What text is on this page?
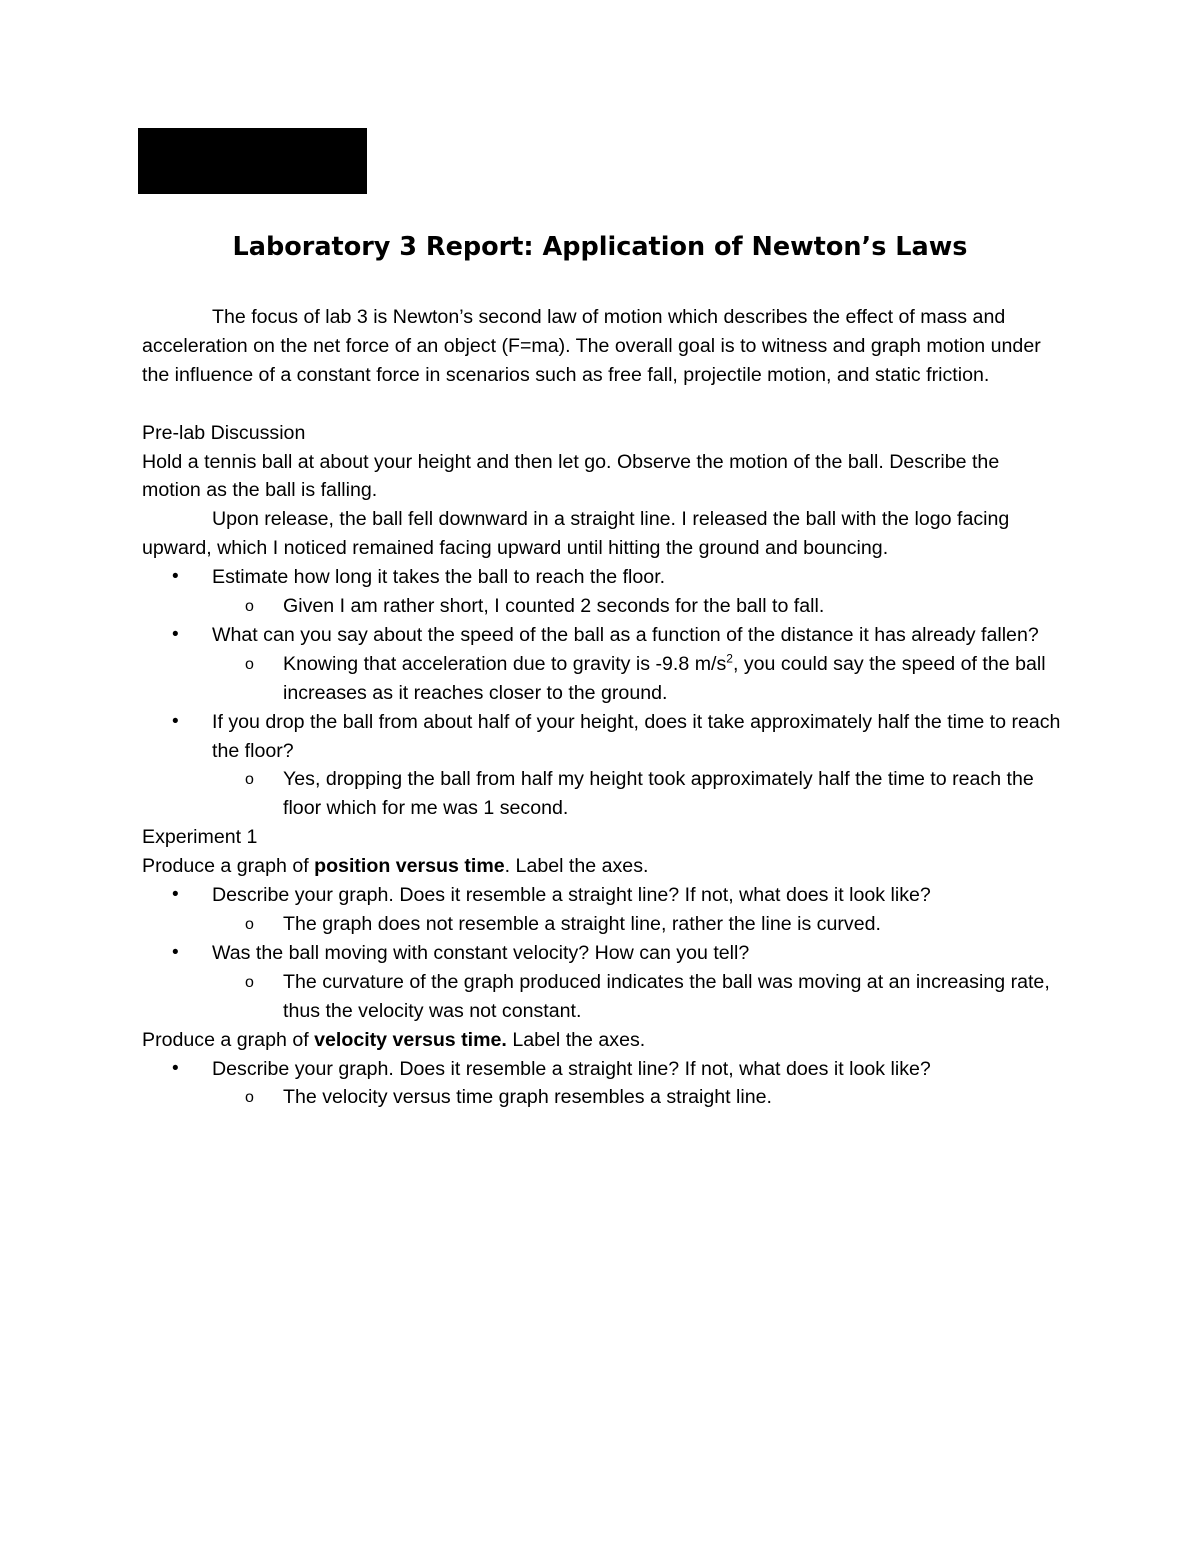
Laboratory 3 Report: Application of Newton’s Laws

The focus of lab 3 is Newton’s second law of motion which describes the effect of mass and acceleration on the net force of an object (F=ma). The overall goal is to witness and graph motion under the influence of a constant force in scenarios such as free fall, projectile motion, and static friction.

Pre-lab Discussion

Hold a tennis ball at about your height and then let go. Observe the motion of the ball. Describe the motion as the ball is falling.

Upon release, the ball fell downward in a straight line. I released the ball with the logo facing upward, which I noticed remained facing upward until hitting the ground and bouncing.

• Estimate how long it takes the ball to reach the floor.
o Given I am rather short, I counted 2 seconds for the ball to fall.
• What can you say about the speed of the ball as a function of the distance it has already fallen?
o Knowing that acceleration due to gravity is -9.8 $m/s^2$, you could say the speed of the ball increases as it reaches closer to the ground.
• If you drop the ball from about half of your height, does it take approximately half the time to reach the floor?
o Yes, dropping the ball from half my height took approximately half the time to reach the floor which for me was 1 second.

Experiment 1

Produce a graph of position versus time. Label the axes.

• Describe your graph. Does it resemble a straight line? If not, what does it look like?
o The graph does not resemble a straight line, rather the line is curved.
• Was the ball moving with constant velocity? How can you tell?
o The curvature of the graph produced indicates the ball was moving at an increasing rate, thus the velocity was not constant.

Produce a graph of velocity versus time. Label the axes.

• Describe your graph. Does it resemble a straight line? If not, what does it look like?
o The velocity versus time graph resembles a straight line.
